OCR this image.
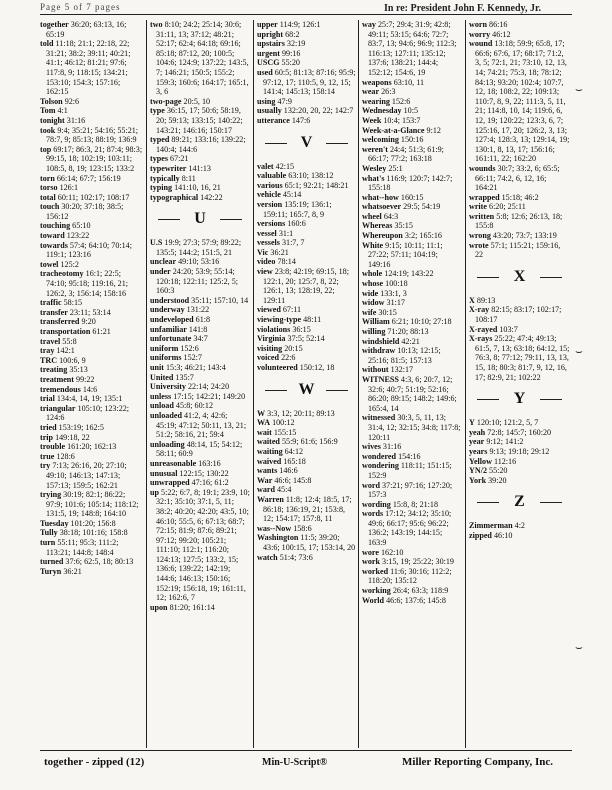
Page 5 of 7 pages	In re: President John F. Kennedy, Jr.

together 36:20; 63:13, 16; 65:19

told 11:18; 21:1; 22:18, 22; 31:21; 38:2; 39:11; 40:21; 41:1; 46:12; 81:21; 97:6; 117:8, 9; 118:15; 134:21; 153:10; 154:3; 157:16; 162:15

Tolson 92:6

Tom 4:1

tonight 31:16

took 9:4; 35:21; 54:16; 55:21; 78:7, 9; 85:13; 88:19; 136:9

top 69:17; 86:3, 21; 87:4; 98:3; 99:15, 18; 102:19; 103:11; 108:5, 8, 19; 123:15; 133:2

torn 66:14; 67:7; 156:19

torso 126:1

total 60:11; 102:17; 108:17

touch 30:20; 37:18; 38:5; 156:12

touching 65:10

toward 123:22

towards 57:4; 64:10; 70:14; 119:1; 123:16

towel 125:2

tracheotomy 16:1; 22:5; 74:10; 95:18; 119:16, 21; 126:2, 3; 156:14; 158:16

traffic 58:15

transfer 23:11; 53:14

transferred 9:20

transportation 61:21

travel 55:8

tray 142:1

TRC 100:6, 9

treating 35:13

treatment 99:22

tremendous 14:6

trial 134:4, 14, 19; 135:1

triangular 105:10; 123:22; 124:6

tried 153:19; 162:5

trip 149:18, 22

trouble 161:20; 162:13

true 128:6

try 7:13; 26:16, 20; 27:10; 49:10; 146:13; 147:13; 157:13; 159:5; 162:21

trying 30:19; 82:1; 86:22; 97:9; 101:6; 105:14; 118:12; 131:5, 19; 148:8; 164:10

Tuesday 101:20; 156:8

Tully 38:18; 101:16; 158:8

turn 55:11; 95:3; 111:2; 113:21; 144:8; 148:4

turned 37:6; 62:5, 18; 80:13

Turyn 36:21

two 8:10; 24:2; 25:14; 30:6; 31:11, 13; 37:12; 48:21; 52:17; 62:4; 64:18; 69:16; 85:18; 87:12, 20; 100:5; 104:6; 124:9; 137:22; 143:5, 7; 146:21; 150:5; 155:2; 159:3; 160:6; 164:17; 165:1, 3, 6

two-page 20:5, 10

type 36:15, 17; 50:6; 58:19, 20; 59:13; 133:15; 140:22; 143:21; 146:16; 150:17

typed 89:21; 133:16; 139:22; 140:4; 144:6

types 67:21

typewriter 141:13

typically 8:11

typing 141:10, 16, 21

typographical 142:22

U

U.S 19:9; 27:3; 57:9; 89:22; 135:5; 144:2; 151:5, 21

unclear 49:10; 53:16

under 24:20; 53:9; 55:14; 120:18; 122:11; 125:2, 5; 160:3

understood 35:11; 157:10, 14

underway 131:22

undeveloped 61:8

unfamiliar 141:8

unfortunate 34:7

uniform 152:6

uniforms 152:7

unit 15:3; 46:21; 143:4

United 135:7

University 22:14; 24:20

unless 17:15; 142:21; 149:20

unload 45:8; 60:12

unloaded 41:2, 4; 42:6; 45:19; 47:12; 50:11, 13, 21; 51:2; 58:16, 21; 59:4

unloading 48:14, 15; 54:12; 58:11; 60:9

unreasonable 163:16

unusual 122:15; 130:22

unwrapped 47:16; 61:2

up 5:22; 6:7, 8; 19:1; 23:9, 10; 32:1; 35:10; 37:1, 5, 11; 38:2; 40:20; 42:20; 43:5, 10; 46:10; 55:5, 6; 67:13; 68:7; 72:15; 81:9; 87:6; 89:21; 97:12; 99:20; 105:21; 111:10; 112:1; 116:20; 124:13; 127:5; 133:2, 15; 136:6; 139:22; 142:19; 144:6; 146:13; 150:16; 152:19; 156:18, 19; 161:11, 12; 162:6, 7

upon 81:20; 161:14

upper 114:9; 126:1

upright 68:2

upstairs 32:19

urgent 99:16

USCG 55:20

used 60:5; 81:13; 87:16; 95:9; 97:12, 17; 110:5, 9, 12, 15; 141:4; 145:13; 158:14

using 47:9

usually 132:20, 20, 22; 142:7

utterance 147:6

V

valet 42:15

valuable 63:10; 138:12

various 65:1; 92:21; 148:21

vehicle 45:14

version 135:19; 136:1; 159:11; 165:7, 8, 9

versions 160:6

vessel 31:1

vessels 31:7, 7

Vic 36:21

video 78:14

view 23:8; 42:19; 69:15, 18; 122:1, 20; 125:7, 8, 22; 126:1, 13; 128:19, 22; 129:11

viewed 67:11

viewing-type 48:11

violations 36:15

Virginia 37:5; 52:14

visiting 20:15

voiced 22:6

volunteered 150:12, 18

W

W 3:3, 12; 20:11; 89:13

WA 100:12

wait 155:15

waited 55:9; 61:6; 156:9

waiting 64:12

waived 165:18

wants 146:6

War 46:6; 145:8

ward 45:4

Warren 11:8; 12:4; 18:5, 17; 86:18; 136:19, 21; 153:8, 12; 154:17; 157:8, 11

was--Now 158:6

Washington 11:5; 39:20; 43:6; 100:15, 17; 153:14, 20

watch 51:4; 73:6

way 25:7; 29:4; 31:9; 42:8; 49:11; 53:15; 64:6; 72:7; 83:7, 13; 94:6; 96:9; 112:3; 116:13; 127:11; 135:12; 137:6; 138:21; 144:4; 152:12; 154:6, 19

weapons 63:10, 11

wear 26:3

wearing 152:6

Wednesday 10:5

Week 10:4; 153:7

Week-at-a-Glance 9:12

welcoming 150:16

weren't 24:4; 51:3; 61:9; 66:17; 77:2; 163:18

Wesley 25:1

what's 116:9; 120:7; 142:7; 155:18

what--how 160:15

whatsoever 29:5; 54:19

wheel 64:3

Whereas 35:15

Whereupon 3:2; 165:16

White 9:15; 10:11; 11:1; 27:22; 57:11; 104:19; 149:16

whole 124:19; 143:22

whose 100:18

wide 133:1, 3

widow 31:17

wife 30:15

William 6:21; 10:10; 27:18

willing 71:20; 88:13

windshield 42:21

withdraw 10:13; 12:15; 25:16; 81:5; 157:13

without 132:17

WITNESS 4:3, 6; 20:7, 12; 32:6; 40:7; 51:19; 52:16; 86:20; 89:15; 148:2; 149:6; 165:4, 14

witnessed 30:3, 5, 11, 13; 31:4, 12; 32:15; 34:8; 117:8; 120:11

wives 31:16

wondered 154:16

wondering 118:11; 151:15; 152:9

word 37:21; 97:16; 127:20; 157:3

wording 15:8, 8; 21:18

words 17:12; 34:12; 35:10; 49:6; 66:17; 95:6; 96:22; 136:2; 143:19; 144:15; 163:9

wore 162:10

work 3:15, 19; 25:22; 30:19

worked 11:6; 30:16; 112:2; 118:20; 135:12

working 26:4; 63:3; 118:9

World 46:6; 137:6; 145:8

worn 86:16

worry 46:12

wound 13:18; 59:9; 65:8, 17; 66:6; 67:6, 17; 68:17; 71:2, 3, 5; 72:1, 21; 73:10, 12, 13, 14; 74:21; 75:3, 18; 78:12; 84:13; 93:20; 102:4; 107:7, 12, 18; 108:2, 22; 109:13; 110:7, 8, 9, 22; 111:3, 5, 11, 21; 114:8, 10, 14; 119:6, 6, 12, 19; 120:22; 123:3, 6, 7; 125:16, 17, 20; 126:2, 3, 13; 127:4; 128:3, 13; 129:14, 19; 130:1, 8, 13, 17; 156:16; 161:11, 22; 162:20

wounds 30:7; 33:2, 6; 65:5; 66:11; 74:2, 6, 12, 16; 164:21

wrapped 15:18; 46:2

write 6:20; 25:11

written 5:8; 12:6; 26:13, 18; 155:8

wrong 43:20; 73:7; 133:19

wrote 57:1; 115:21; 159:16, 22

X

X 89:13

X-ray 82:15; 83:17; 102:17; 108:17

X-rayed 103:7

X-rays 25:22; 47:4; 49:13; 61:5, 7, 13; 63:18; 64:12, 15; 76:3, 8; 77:12; 79:11, 13, 13, 15, 18; 80:3; 81:7, 9, 12, 16, 17; 82:9, 21; 102:22

Y

Y 120:10; 121:2, 5, 7

yeah 72:8; 145:7; 160:20

year 9:12; 141:2

years 9:13; 19:18; 29:12

Yellow 112:16

YN/2 55:20

York 39:20

Z

Zimmerman 4:2

zipped 46:10

⌣
⌣
⌣
together - zipped (12)	Min-U-Script®	Miller Reporting Company, Inc.
